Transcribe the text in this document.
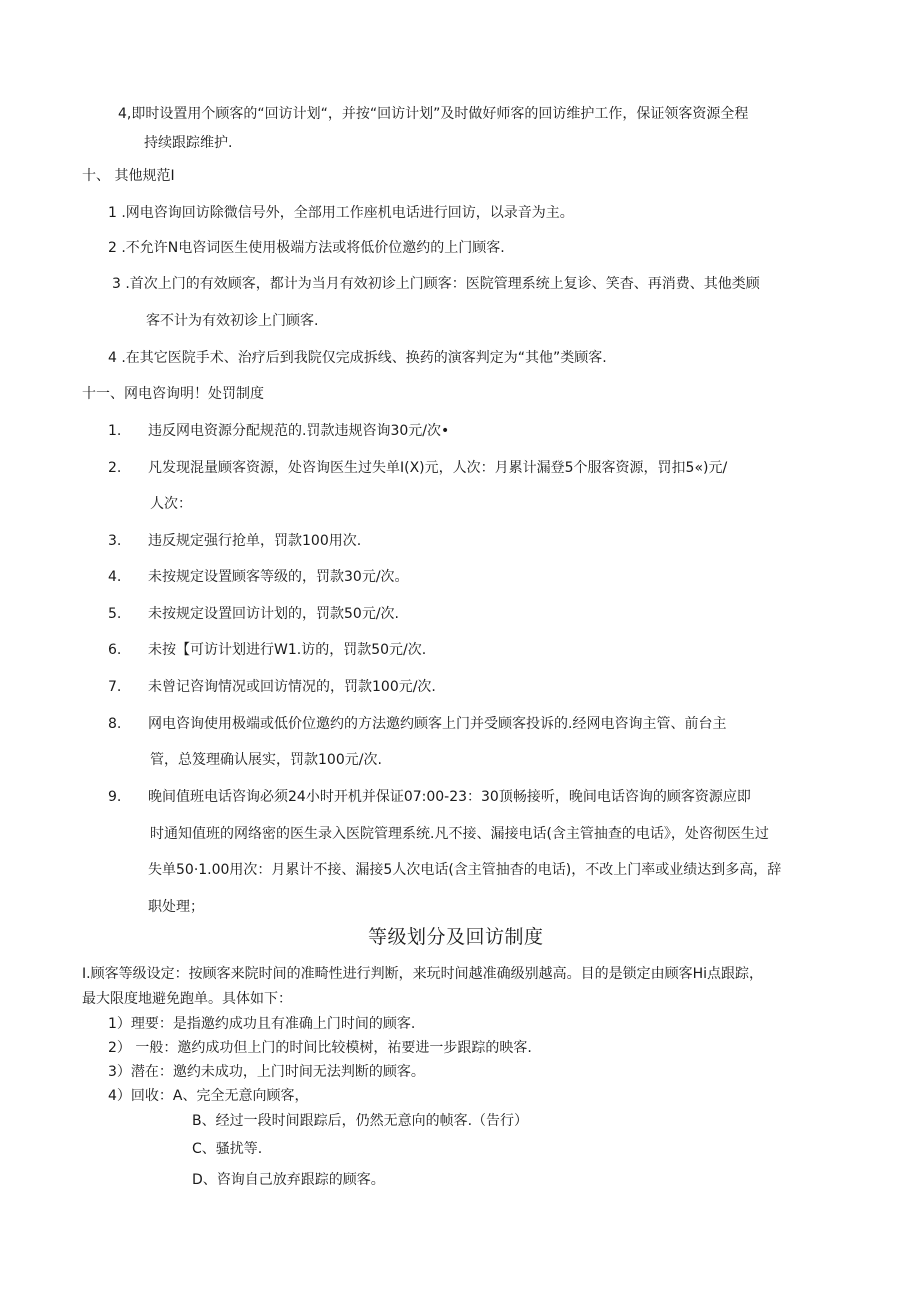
4,即时设置用个顾客的“回访计划“，并按“回访计划”及时做好师客的回访维护工作，保证领客资源全程
持续跟踪维护.
十、 其他规范I
1 .网电咨询回访除微信号外，全部用工作座机电话进行回访，以录音为主。
2 .不允许N电咨词医生使用极端方法或将低价位邀约的上门顾客.
3 .首次上门的有效顾客，都计为当月有效初诊上门顾客：医院管理系统上复诊、笑杳、再消费、其他类顾
客不计为有效初诊上门顾客.
4 .在其它医院手术、治疗后到我院仅完成拆线、换药的演客判定为“其他”类顾客.
十一、网电咨询明！处罚制度
1. 违反网电资源分配规范的.罚款违规咨询30元/次•
2. 凡发现混量顾客资源，处咨询医生过失单I(X)元，人次：月累计漏登5个服客资源，罚扣5«)元/
人次：
3. 违反规定强行抢单，罚款100用次.
4. 未按规定设置顾客等级的，罚款30元/次。
5. 未按规定设置回访计划的，罚款50元/次.
6. 未按【可访计划进行W1.访的，罚款50元/次.
7. 未曾记咨询情况或回访情况的，罚款100元/次.
8. 网电咨询使用极端或低价位邀约的方法邀约顾客上门并受顾客投诉的.经网电咨询主管、前台主
管，总笈理确认展实，罚款100元/次.
9. 晚间值班电话咨询必须24小时开机并保证07:00-23：30顶畅接听，晚间电话咨询的顾客资源应即
时通知值班的网络密的医生录入医院管理系统.凡不接、漏接电话(含主管抽查的电话》，处咨彻医生过
失单50·1.00用次：月累计不接、漏接5人次电话(含主管抽杳的电话)，不改上门率或业绩达到多高，辞
职处理；
等级划分及回访制度
I.顾客等级设定：按顾客来院时间的准畸性进行判断，来玩时间越准确级别越高。目的是锁定由顾客Hi点跟踪，
最大限度地避免跑单。具体如下：
1）理要：是指邀约成功且有准确上门时间的顾客.
2） 一般：邀约成功但上门的时间比较模树，祐要进一步跟踪的映客.
3）潜在：邀约未成功，上门时间无法判断的顾客。
4）回收：A、完全无意向顾客，
B、经过一段时间跟踪后，仍然无意向的帧客.（告行）
C、骚扰等.
D、咨询自己放弃跟踪的顾客。
